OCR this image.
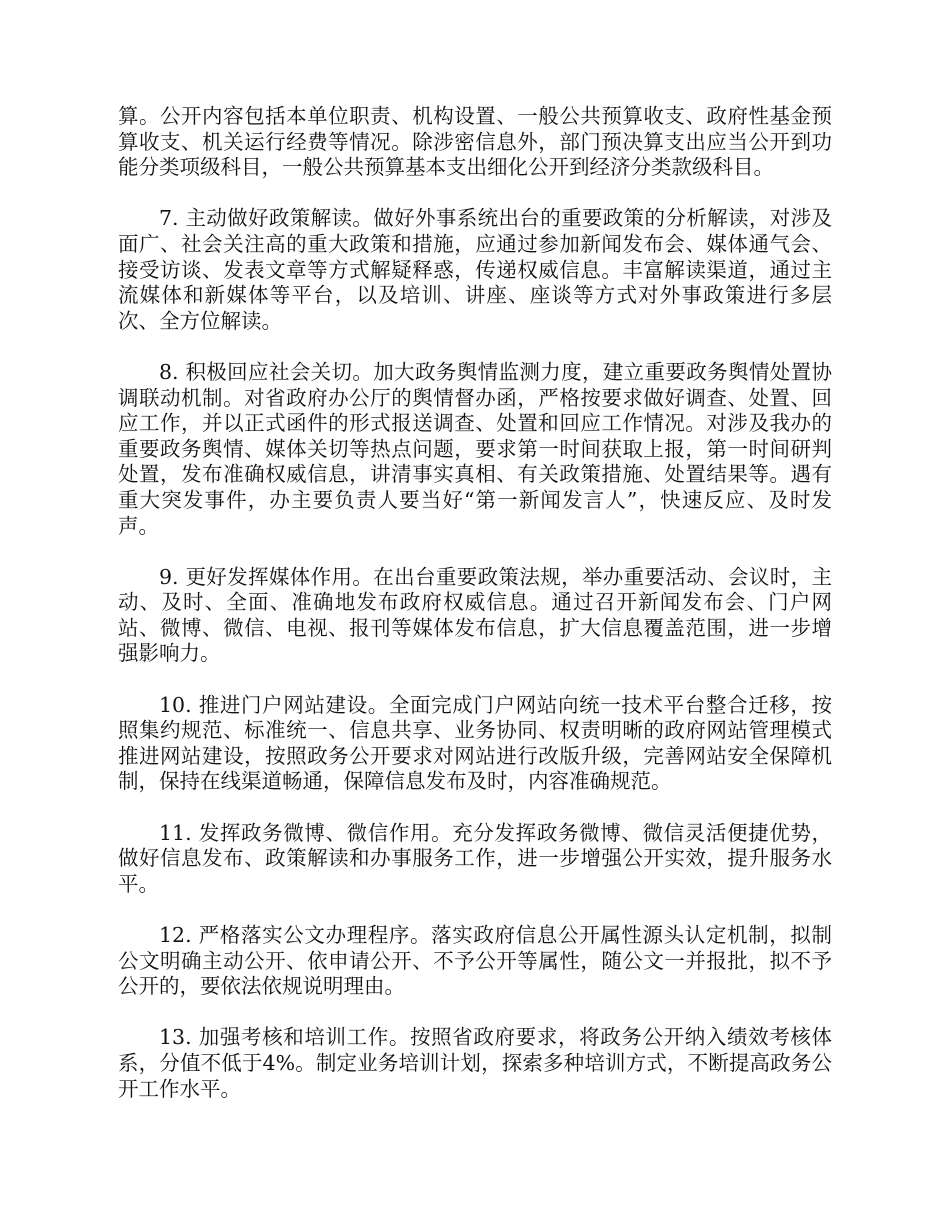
算。公开内容包括本单位职责、机构设置、一般公共预算收支、政府性基金预算收支、机关运行经费等情况。除涉密信息外，部门预决算支出应当公开到功能分类项级科目，一般公共预算基本支出细化公开到经济分类款级科目。

7. 主动做好政策解读。做好外事系统出台的重要政策的分析解读，对涉及面广、社会关注高的重大政策和措施，应通过参加新闻发布会、媒体通气会、接受访谈、发表文章等方式解疑释惑，传递权威信息。丰富解读渠道，通过主流媒体和新媒体等平台，以及培训、讲座、座谈等方式对外事政策进行多层次、全方位解读。

8. 积极回应社会关切。加大政务舆情监测力度，建立重要政务舆情处置协调联动机制。对省政府办公厅的舆情督办函，严格按要求做好调查、处置、回应工作，并以正式函件的形式报送调查、处置和回应工作情况。对涉及我办的重要政务舆情、媒体关切等热点问题，要求第一时间获取上报，第一时间研判处置，发布准确权威信息，讲清事实真相、有关政策措施、处置结果等。遇有重大突发事件，办主要负责人要当好“第一新闻发言人”，快速反应、及时发声。

9. 更好发挥媒体作用。在出台重要政策法规，举办重要活动、会议时，主动、及时、全面、准确地发布政府权威信息。通过召开新闻发布会、门户网站、微博、微信、电视、报刊等媒体发布信息，扩大信息覆盖范围，进一步增强影响力。

10. 推进门户网站建设。全面完成门户网站向统一技术平台整合迁移，按照集约规范、标准统一、信息共享、业务协同、权责明晰的政府网站管理模式推进网站建设，按照政务公开要求对网站进行改版升级，完善网站安全保障机制，保持在线渠道畅通，保障信息发布及时，内容准确规范。

11. 发挥政务微博、微信作用。充分发挥政务微博、微信灵活便捷优势，做好信息发布、政策解读和办事服务工作，进一步增强公开实效，提升服务水平。

12. 严格落实公文办理程序。落实政府信息公开属性源头认定机制，拟制公文明确主动公开、依申请公开、不予公开等属性，随公文一并报批，拟不予公开的，要依法依规说明理由。

13. 加强考核和培训工作。按照省政府要求，将政务公开纳入绩效考核体系，分值不低于4%。制定业务培训计划，探索多种培训方式，不断提高政务公开工作水平。
